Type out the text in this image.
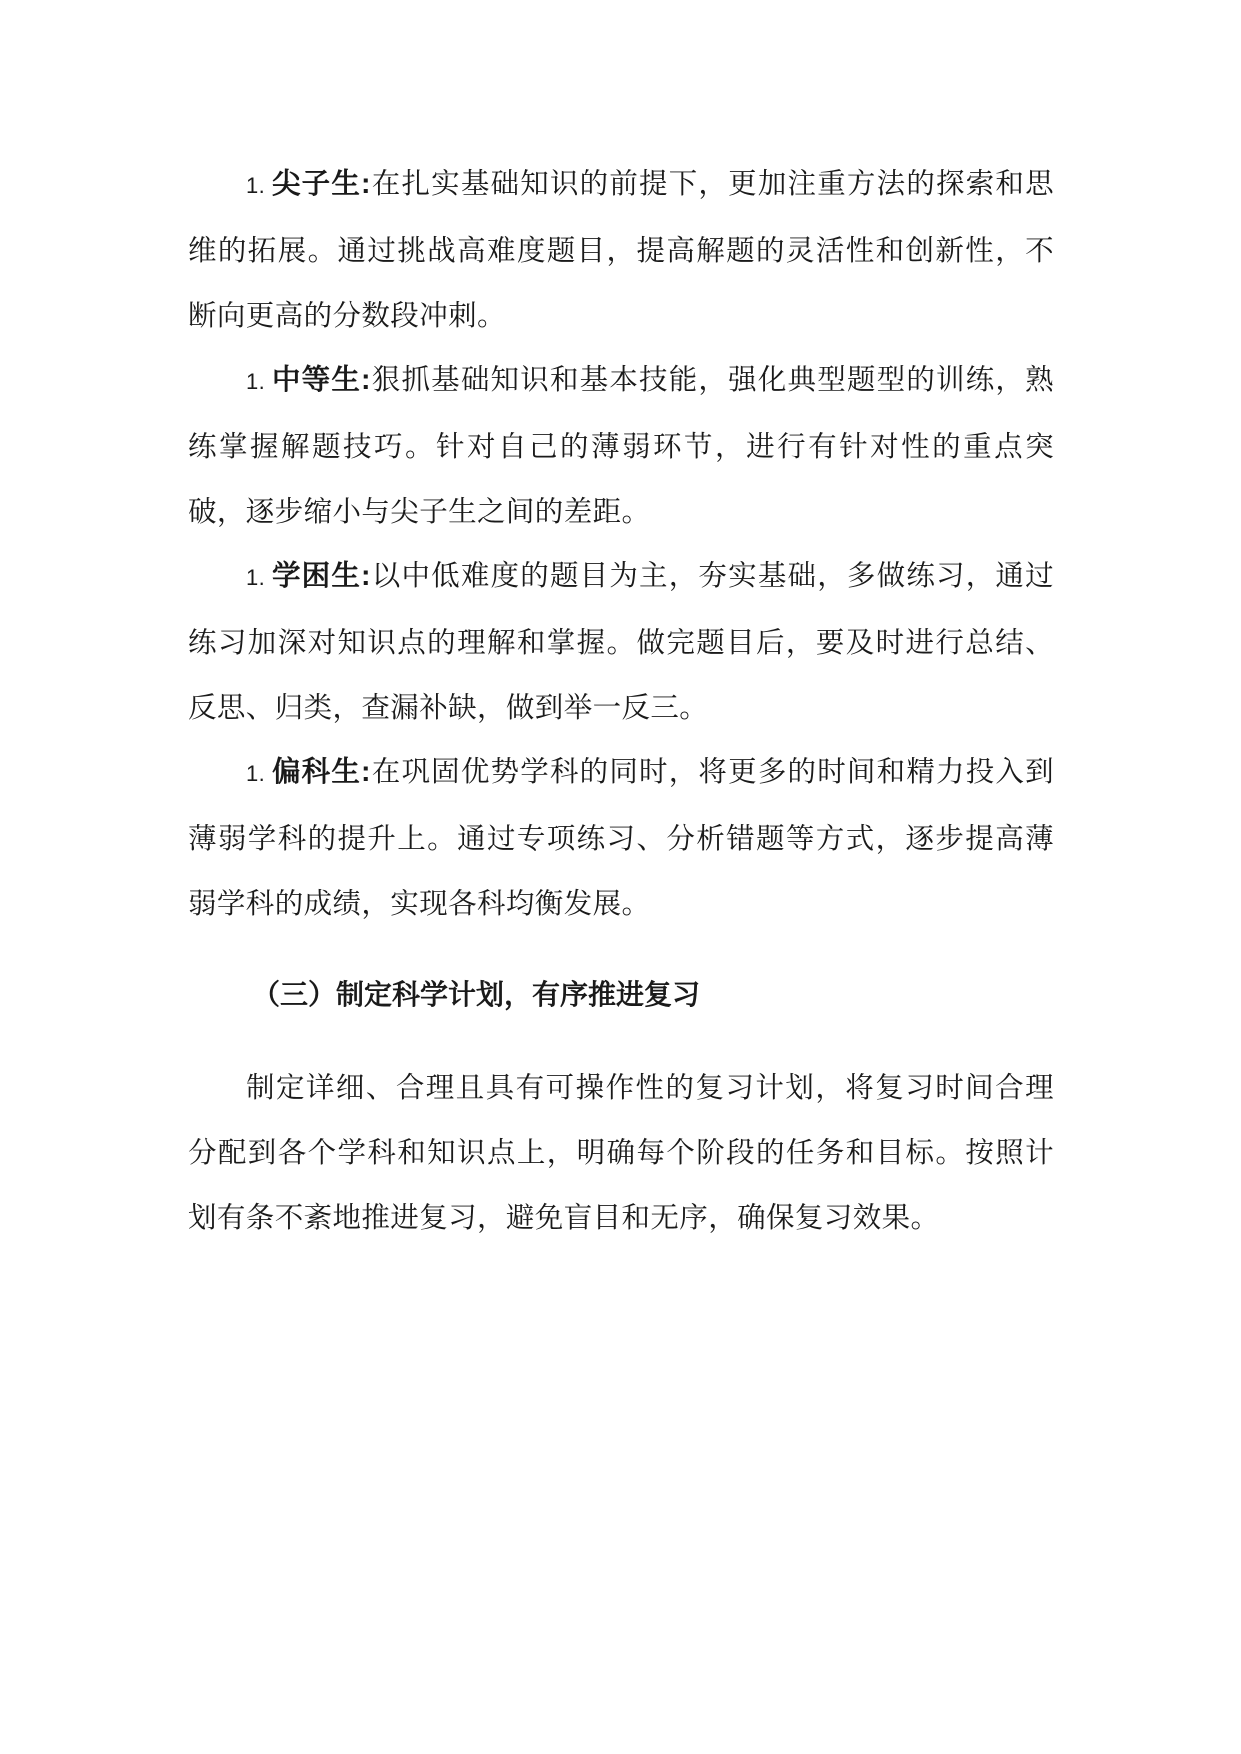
1. 尖子生:在扎实基础知识的前提下，更加注重方法的探索和思维的拓展。通过挑战高难度题目，提高解题的灵活性和创新性，不断向更高的分数段冲刺。

1. 中等生:狠抓基础知识和基本技能，强化典型题型的训练，熟练掌握解题技巧。针对自己的薄弱环节，进行有针对性的重点突破，逐步缩小与尖子生之间的差距。

1. 学困生:以中低难度的题目为主，夯实基础，多做练习，通过练习加深对知识点的理解和掌握。做完题目后，要及时进行总结、反思、归类，查漏补缺，做到举一反三。

1. 偏科生:在巩固优势学科的同时，将更多的时间和精力投入到薄弱学科的提升上。通过专项练习、分析错题等方式，逐步提高薄弱学科的成绩，实现各科均衡发展。

（三）制定科学计划，有序推进复习

制定详细、合理且具有可操作性的复习计划，将复习时间合理分配到各个学科和知识点上，明确每个阶段的任务和目标。按照计划有条不紊地推进复习，避免盲目和无序，确保复习效果。
